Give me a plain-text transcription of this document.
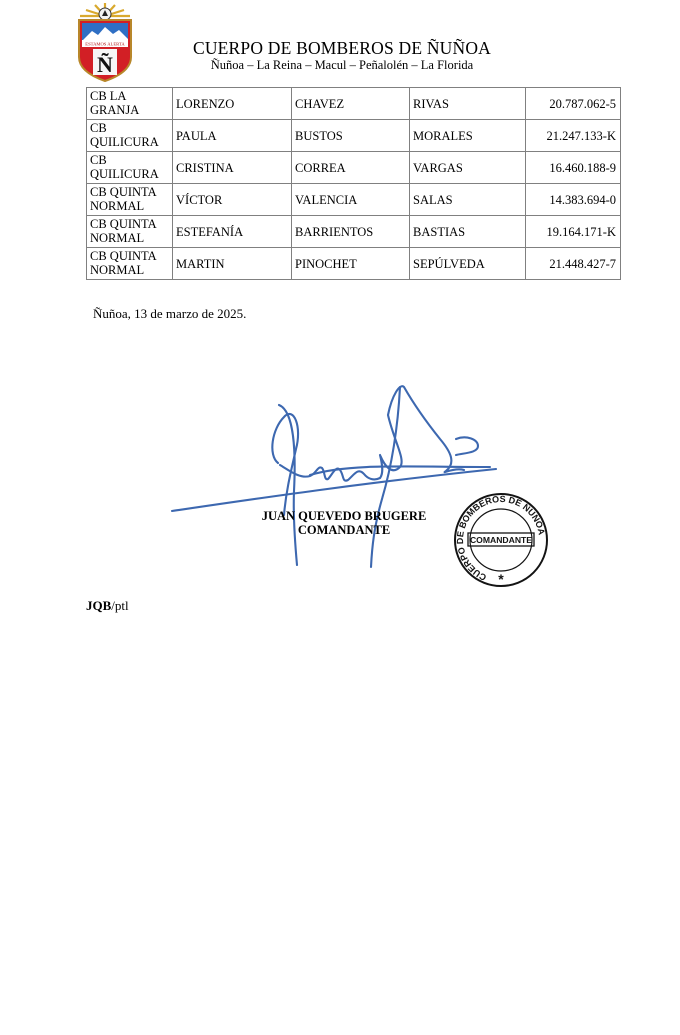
ESTAMOS ALERTA
Ñ
CUERPO DE BOMBEROS DE ÑUÑOA
Ñuñoa – La Reina – Macul – Peñalolén – La Florida
CB LA GRANJA	LORENZO	CHAVEZ	RIVAS	20.787.062-5
CB QUILICURA	PAULA	BUSTOS	MORALES	21.247.133-K
CB QUILICURA	CRISTINA	CORREA	VARGAS	16.460.188-9
CB QUINTA NORMAL	VÍCTOR	VALENCIA	SALAS	14.383.694-0
CB QUINTA NORMAL	ESTEFANÍA	BARRIENTOS	BASTIAS	19.164.171-K
CB QUINTA NORMAL	MARTIN	PINOCHET	SEPÚLVEDA	21.448.427-7
Ñuñoa, 13 de marzo de 2025.
JUAN QUEVEDO BRUGERE
COMANDANTE
CUERPO DE BOMBEROS DE ÑUÑOA
COMANDANTE
*
JQB/ptl
